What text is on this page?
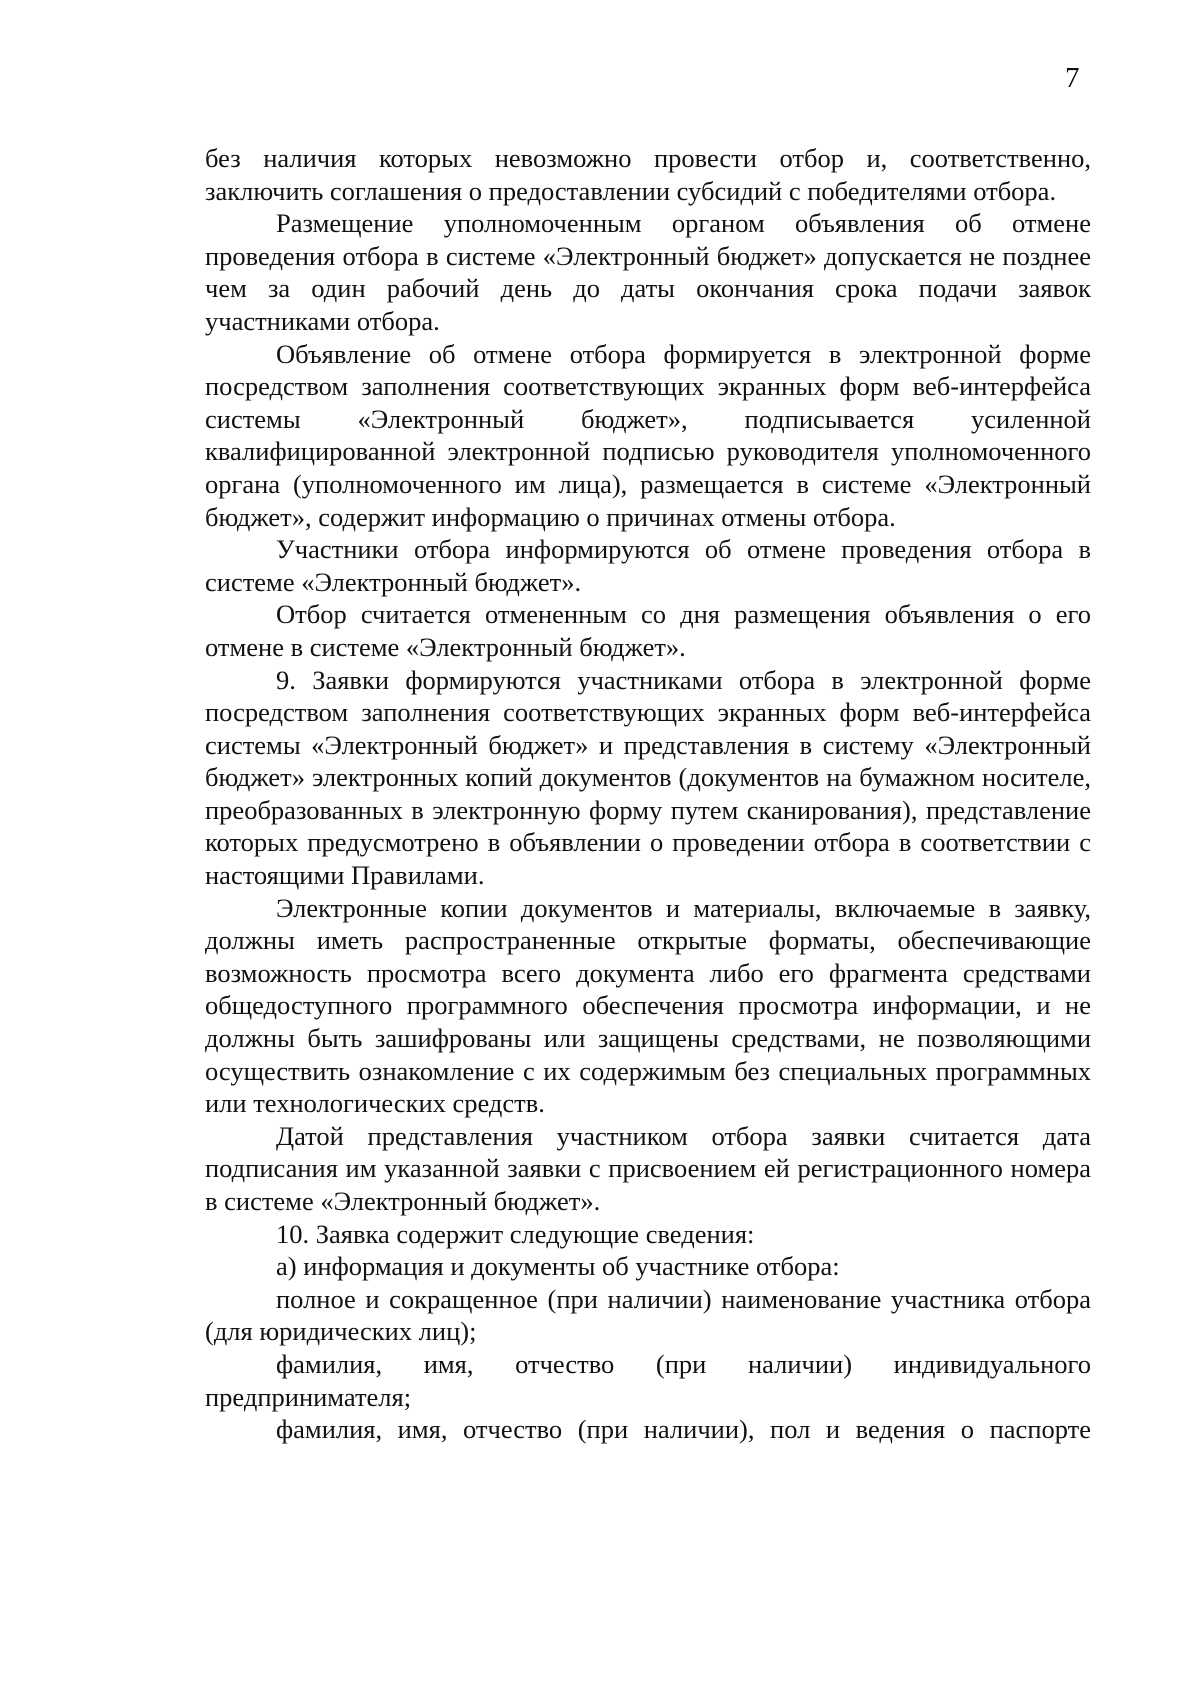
7

без наличия которых невозможно провести отбор и, соответственно, заключить соглашения о предоставлении субсидий с победителями отбора.

Размещение уполномоченным органом объявления об отмене проведения отбора в системе «Электронный бюджет» допускается не позднее чем за один рабочий день до даты окончания срока подачи заявок участниками отбора.

Объявление об отмене отбора формируется в электронной форме посредством заполнения соответствующих экранных форм веб-интерфейса системы «Электронный бюджет», подписывается усиленной квалифицированной электронной подписью руководителя уполномоченного органа (уполномоченного им лица), размещается в системе «Электронный бюджет», содержит информацию о причинах отмены отбора.

Участники отбора информируются об отмене проведения отбора в системе «Электронный бюджет».

Отбор считается отмененным со дня размещения объявления о его отмене в системе «Электронный бюджет».

9. Заявки формируются участниками отбора в электронной форме посредством заполнения соответствующих экранных форм веб-интерфейса системы «Электронный бюджет» и представления в систему «Электронный бюджет» электронных копий документов (документов на бумажном носителе, преобразованных в электронную форму путем сканирования), представление которых предусмотрено в объявлении о проведении отбора в соответствии с настоящими Правилами.

Электронные копии документов и материалы, включаемые в заявку, должны иметь распространенные открытые форматы, обеспечивающие возможность просмотра всего документа либо его фрагмента средствами общедоступного программного обеспечения просмотра информации, и не должны быть зашифрованы или защищены средствами, не позволяющими осуществить ознакомление с их содержимым без специальных программных или технологических средств.

Датой представления участником отбора заявки считается дата подписания им указанной заявки с присвоением ей регистрационного номера в системе «Электронный бюджет».

10. Заявка содержит следующие сведения:

а) информация и документы об участнике отбора:

полное и сокращенное (при наличии) наименование участника отбора (для юридических лиц);

фамилия, имя, отчество (при наличии) индивидуального предпринимателя;

фамилия, имя, отчество (при наличии), пол и ведения о паспорте
